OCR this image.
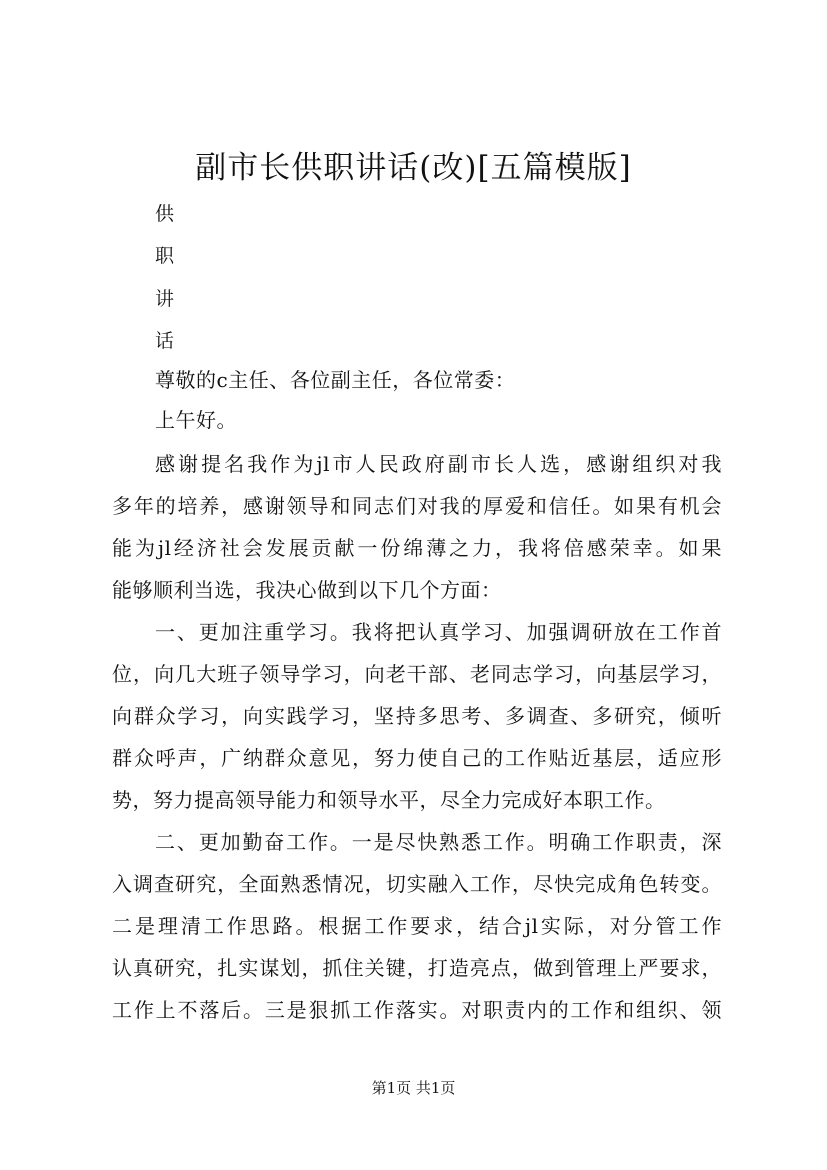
副市长供职讲话(改)[五篇模版]
供
职
讲
话
尊敬的c主任、各位副主任，各位常委：
上午好。
感谢提名我作为jl市人民政府副市长人选，感谢组织对我
多年的培养，感谢领导和同志们对我的厚爱和信任。如果有机会
能为jl经济社会发展贡献一份绵薄之力，我将倍感荣幸。如果
能够顺利当选，我决心做到以下几个方面：
一、更加注重学习。我将把认真学习、加强调研放在工作首
位，向几大班子领导学习，向老干部、老同志学习，向基层学习，
向群众学习，向实践学习，坚持多思考、多调查、多研究，倾听
群众呼声，广纳群众意见，努力使自己的工作贴近基层，适应形
势，努力提高领导能力和领导水平，尽全力完成好本职工作。
二、更加勤奋工作。一是尽快熟悉工作。明确工作职责，深
入调查研究，全面熟悉情况，切实融入工作，尽快完成角色转变。
二是理清工作思路。根据工作要求，结合jl实际，对分管工作
认真研究，扎实谋划，抓住关键，打造亮点，做到管理上严要求，
工作上不落后。三是狠抓工作落实。对职责内的工作和组织、领
第1页 共1页
